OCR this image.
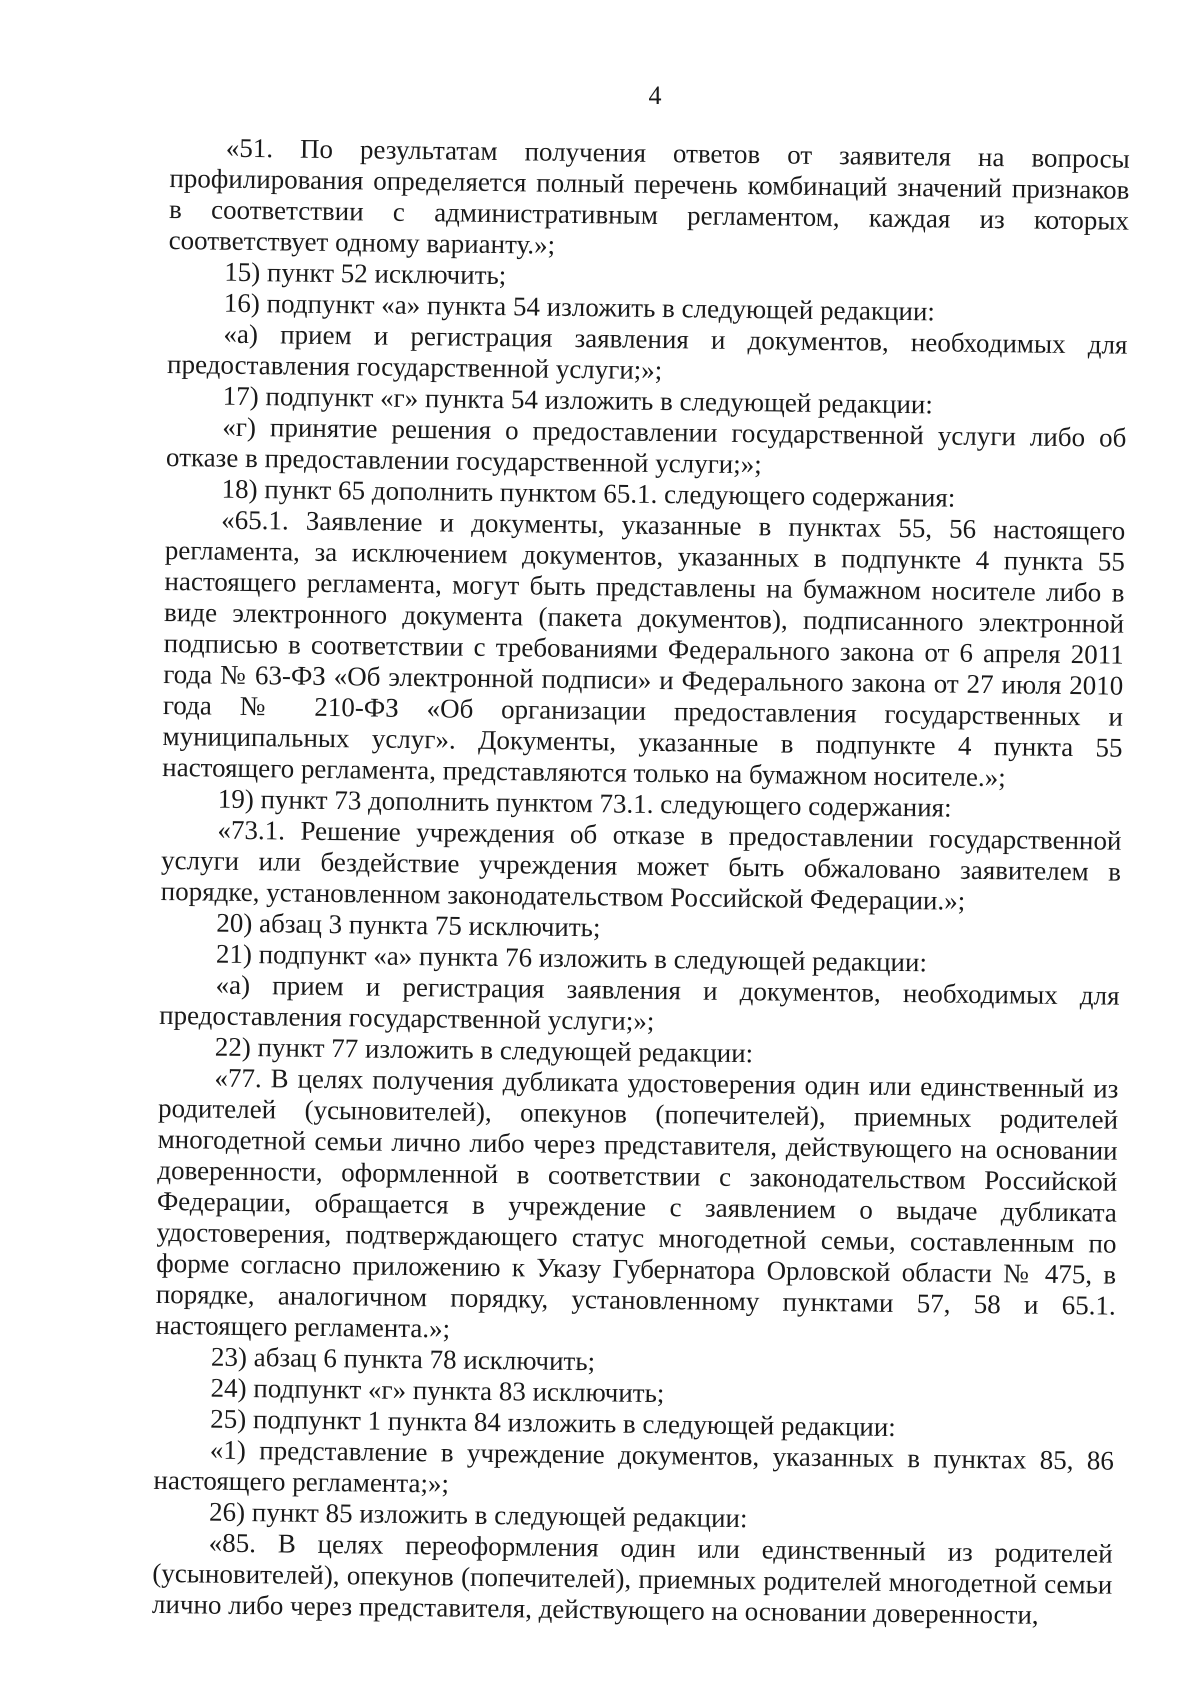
4

«51. По результатам получения ответов от заявителя на вопросы профилирования определяется полный перечень комбинаций значений признаков в соответствии с административным регламентом, каждая из которых соответствует одному варианту.»;

15) пункт 52 исключить;

16) подпункт «а» пункта 54 изложить в следующей редакции:

«а) прием и регистрация заявления и документов, необходимых для предоставления государственной услуги;»;

17) подпункт «г» пункта 54 изложить в следующей редакции:

«г) принятие решения о предоставлении государственной услуги либо об отказе в предоставлении государственной услуги;»;

18) пункт 65 дополнить пунктом 65.1. следующего содержания:

«65.1. Заявление и документы, указанные в пунктах 55, 56 настоящего регламента, за исключением документов, указанных в подпункте 4 пункта 55 настоящего регламента, могут быть представлены на бумажном носителе либо в виде электронного документа (пакета документов), подписанного электронной подписью в соответствии с требованиями Федерального закона от 6 апреля 2011 года № 63-ФЗ «Об электронной подписи» и Федерального закона от 27 июля 2010 года № 210-ФЗ «Об организации предоставления государственных и муниципальных услуг». Документы, указанные в подпункте 4 пункта 55 настоящего регламента, представляются только на бумажном носителе.»;

19) пункт 73 дополнить пунктом 73.1. следующего содержания:

«73.1. Решение учреждения об отказе в предоставлении государственной услуги или бездействие учреждения может быть обжаловано заявителем в порядке, установленном законодательством Российской Федерации.»;

20) абзац 3 пункта 75 исключить;

21) подпункт «а» пункта 76 изложить в следующей редакции:

«а) прием и регистрация заявления и документов, необходимых для предоставления государственной услуги;»;

22) пункт 77 изложить в следующей редакции:

«77. В целях получения дубликата удостоверения один или единственный из родителей (усыновителей), опекунов (попечителей), приемных родителей многодетной семьи лично либо через представителя, действующего на основании доверенности, оформленной в соответствии с законодательством Российской Федерации, обращается в учреждение с заявлением о выдаче дубликата удостоверения, подтверждающего статус многодетной семьи, составленным по форме согласно приложению к Указу Губернатора Орловской области № 475, в порядке, аналогичном порядку, установленному пунктами 57, 58 и 65.1. настоящего регламента.»;

23) абзац 6 пункта 78 исключить;

24) подпункт «г» пункта 83 исключить;

25) подпункт 1 пункта 84 изложить в следующей редакции:

«1) представление в учреждение документов, указанных в пунктах 85, 86 настоящего регламента;»;

26) пункт 85 изложить в следующей редакции:

«85. В целях переоформления один или единственный из родителей (усыновителей), опекунов (попечителей), приемных родителей многодетной семьи лично либо через представителя, действующего на основании доверенности,
